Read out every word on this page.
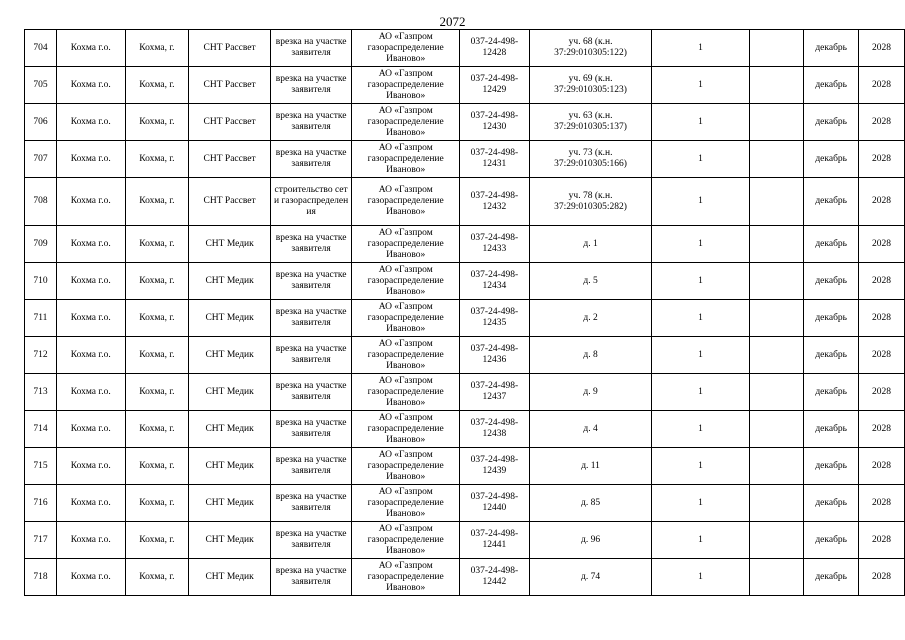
2072
704	Кохма г.о.	Кохма, г.	СНТ Рассвет	врезка на участке заявителя	АО «Газпром газораспределение Иваново»	037-24-498-12428	уч. 68 (к.н. 37:29:010305:122)	1		декабрь	2028
705	Кохма г.о.	Кохма, г.	СНТ Рассвет	врезка на участке заявителя	АО «Газпром газораспределение Иваново»	037-24-498-12429	уч. 69 (к.н. 37:29:010305:123)	1		декабрь	2028
706	Кохма г.о.	Кохма, г.	СНТ Рассвет	врезка на участке заявителя	АО «Газпром газораспределение Иваново»	037-24-498-12430	уч. 63 (к.н. 37:29:010305:137)	1		декабрь	2028
707	Кохма г.о.	Кохма, г.	СНТ Рассвет	врезка на участке заявителя	АО «Газпром газораспределение Иваново»	037-24-498-12431	уч. 73 (к.н. 37:29:010305:166)	1		декабрь	2028
708	Кохма г.о.	Кохма, г.	СНТ Рассвет	строительство сети газораспределения	АО «Газпром газораспределение Иваново»	037-24-498-12432	уч. 78 (к.н. 37:29:010305:282)	1		декабрь	2028
709	Кохма г.о.	Кохма, г.	СНТ Медик	врезка на участке заявителя	АО «Газпром газораспределение Иваново»	037-24-498-12433	д. 1	1		декабрь	2028
710	Кохма г.о.	Кохма, г.	СНТ Медик	врезка на участке заявителя	АО «Газпром газораспределение Иваново»	037-24-498-12434	д. 5	1		декабрь	2028
711	Кохма г.о.	Кохма, г.	СНТ Медик	врезка на участке заявителя	АО «Газпром газораспределение Иваново»	037-24-498-12435	д. 2	1		декабрь	2028
712	Кохма г.о.	Кохма, г.	СНТ Медик	врезка на участке заявителя	АО «Газпром газораспределение Иваново»	037-24-498-12436	д. 8	1		декабрь	2028
713	Кохма г.о.	Кохма, г.	СНТ Медик	врезка на участке заявителя	АО «Газпром газораспределение Иваново»	037-24-498-12437	д. 9	1		декабрь	2028
714	Кохма г.о.	Кохма, г.	СНТ Медик	врезка на участке заявителя	АО «Газпром газораспределение Иваново»	037-24-498-12438	д. 4	1		декабрь	2028
715	Кохма г.о.	Кохма, г.	СНТ Медик	врезка на участке заявителя	АО «Газпром газораспределение Иваново»	037-24-498-12439	д. 11	1		декабрь	2028
716	Кохма г.о.	Кохма, г.	СНТ Медик	врезка на участке заявителя	АО «Газпром газораспределение Иваново»	037-24-498-12440	д. 85	1		декабрь	2028
717	Кохма г.о.	Кохма, г.	СНТ Медик	врезка на участке заявителя	АО «Газпром газораспределение Иваново»	037-24-498-12441	д. 96	1		декабрь	2028
718	Кохма г.о.	Кохма, г.	СНТ Медик	врезка на участке заявителя	АО «Газпром газораспределение Иваново»	037-24-498-12442	д. 74	1		декабрь	2028
